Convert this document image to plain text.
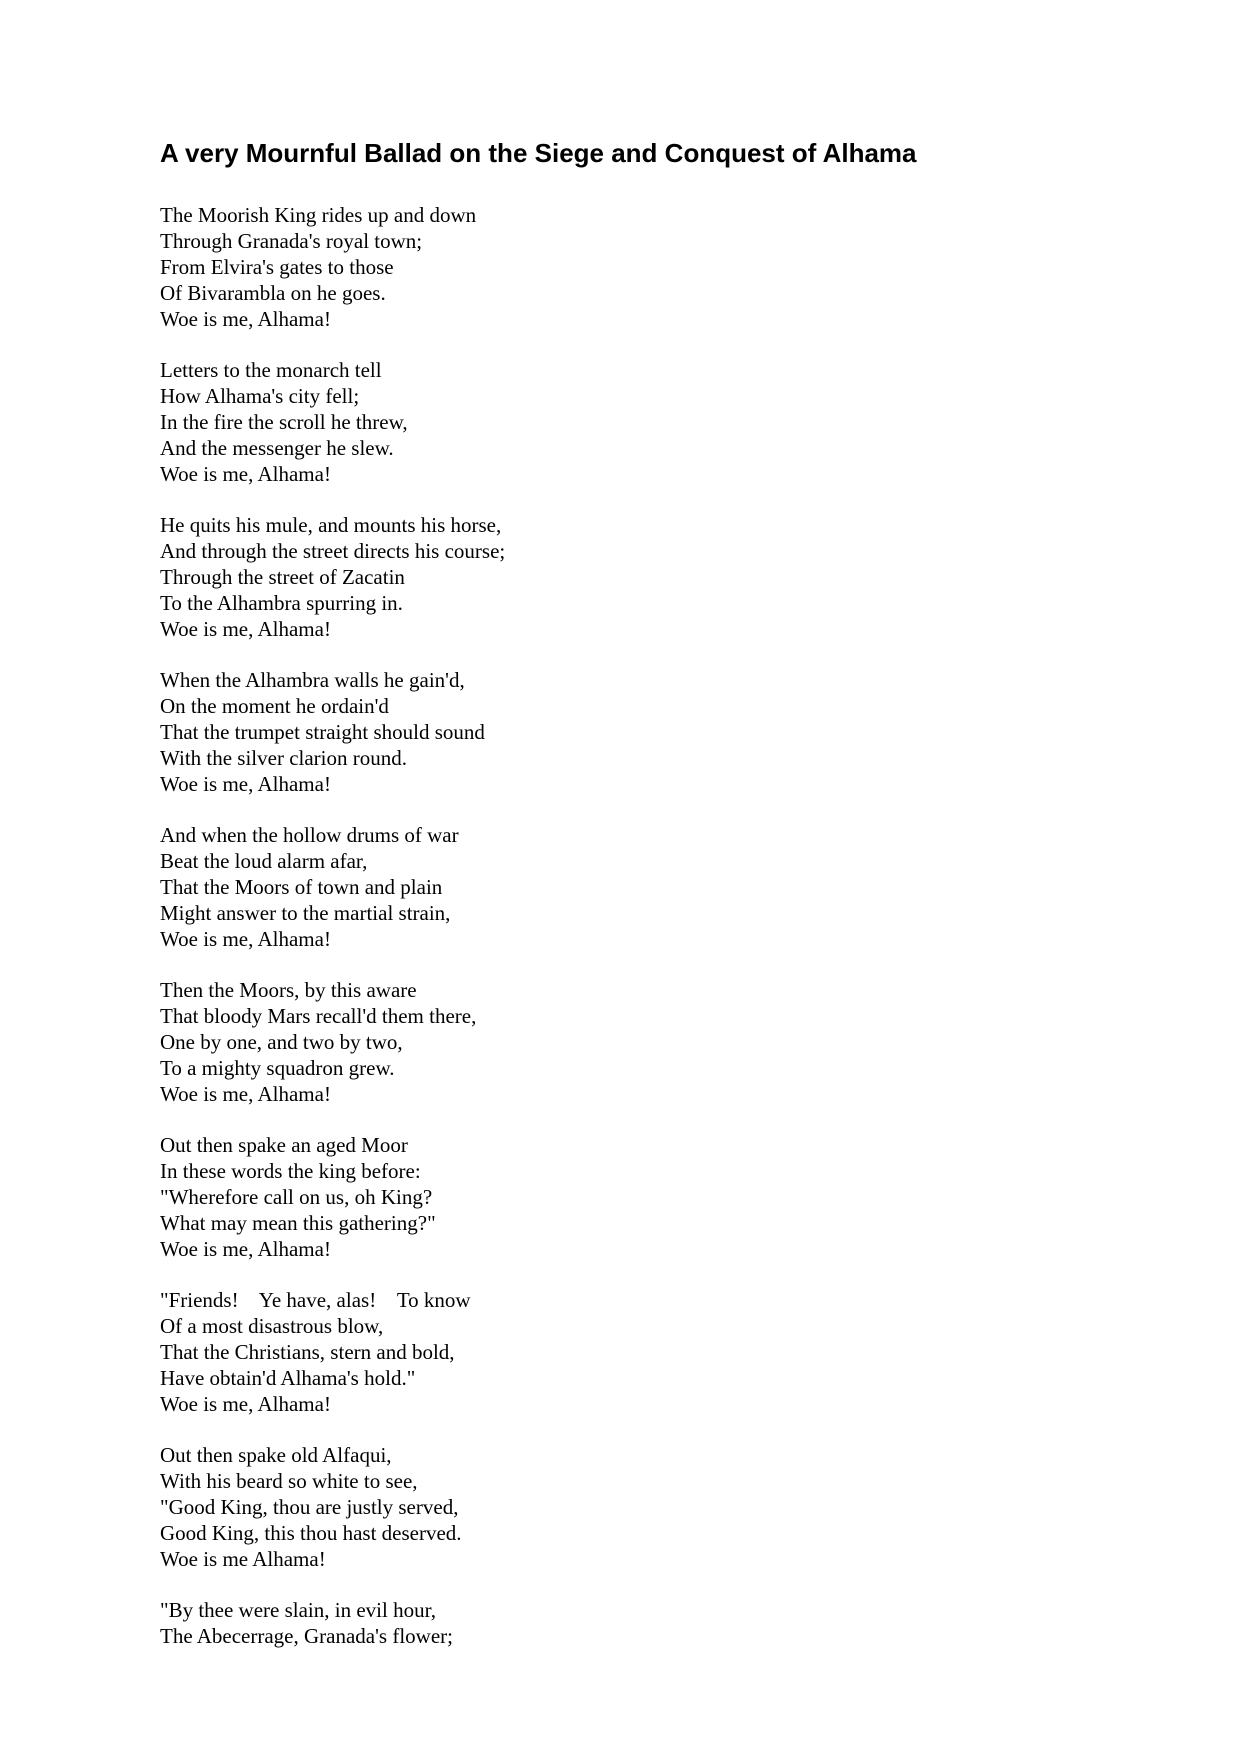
A very Mournful Ballad on the Siege and Conquest of Alhama
The Moorish King rides up and down
Through Granada's royal town;
From Elvira's gates to those
Of Bivarambla on he goes.
Woe is me, Alhama!
Letters to the monarch tell
How Alhama's city fell;
In the fire the scroll he threw,
And the messenger he slew.
Woe is me, Alhama!
He quits his mule, and mounts his horse,
And through the street directs his course;
Through the street of Zacatin
To the Alhambra spurring in.
Woe is me, Alhama!
When the Alhambra walls he gain'd,
On the moment he ordain'd
That the trumpet straight should sound
With the silver clarion round.
Woe is me, Alhama!
And when the hollow drums of war
Beat the loud alarm afar,
That the Moors of town and plain
Might answer to the martial strain,
Woe is me, Alhama!
Then the Moors, by this aware
That bloody Mars recall'd them there,
One by one, and two by two,
To a mighty squadron grew.
Woe is me, Alhama!
Out then spake an aged Moor
In these words the king before:
"Wherefore call on us, oh King?
What may mean this gathering?"
Woe is me, Alhama!
"Friends!    Ye have, alas!    To know
Of a most disastrous blow,
That the Christians, stern and bold,
Have obtain'd Alhama's hold."
Woe is me, Alhama!
Out then spake old Alfaqui,
With his beard so white to see,
"Good King, thou are justly served,
Good King, this thou hast deserved.
Woe is me Alhama!
"By thee were slain, in evil hour,
The Abecerrage, Granada's flower;
